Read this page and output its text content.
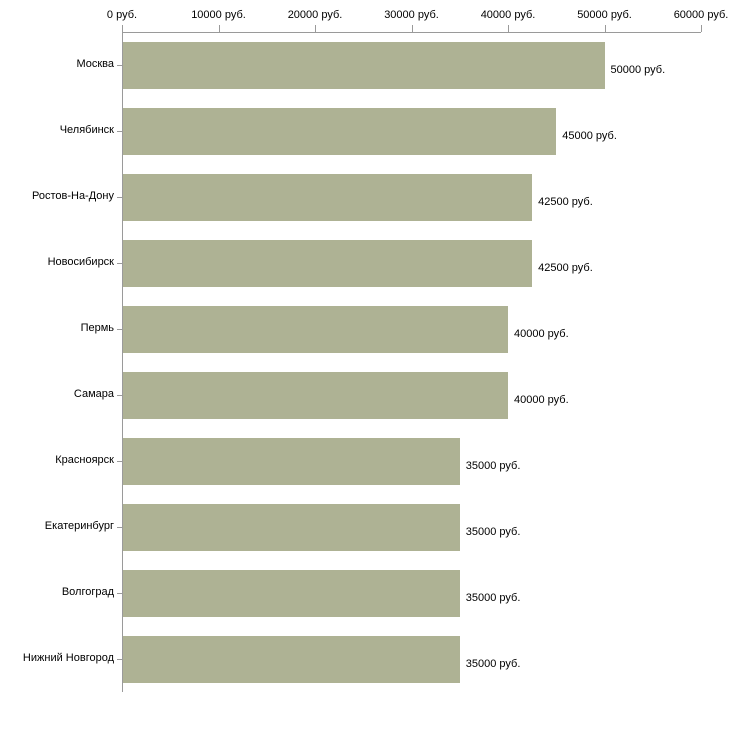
0 руб.	10000 руб.	20000 руб.	30000 руб.	40000 руб.	50000 руб.	60000 руб.
Москва
Челябинск
Ростов-На-Дону
Новосибирск
Пермь
Самара
Красноярск
Екатеринбург
Волгоград
Нижний Новгород
50000 руб.
45000 руб.
42500 руб.
42500 руб.
40000 руб.
40000 руб.
35000 руб.
35000 руб.
35000 руб.
35000 руб.
